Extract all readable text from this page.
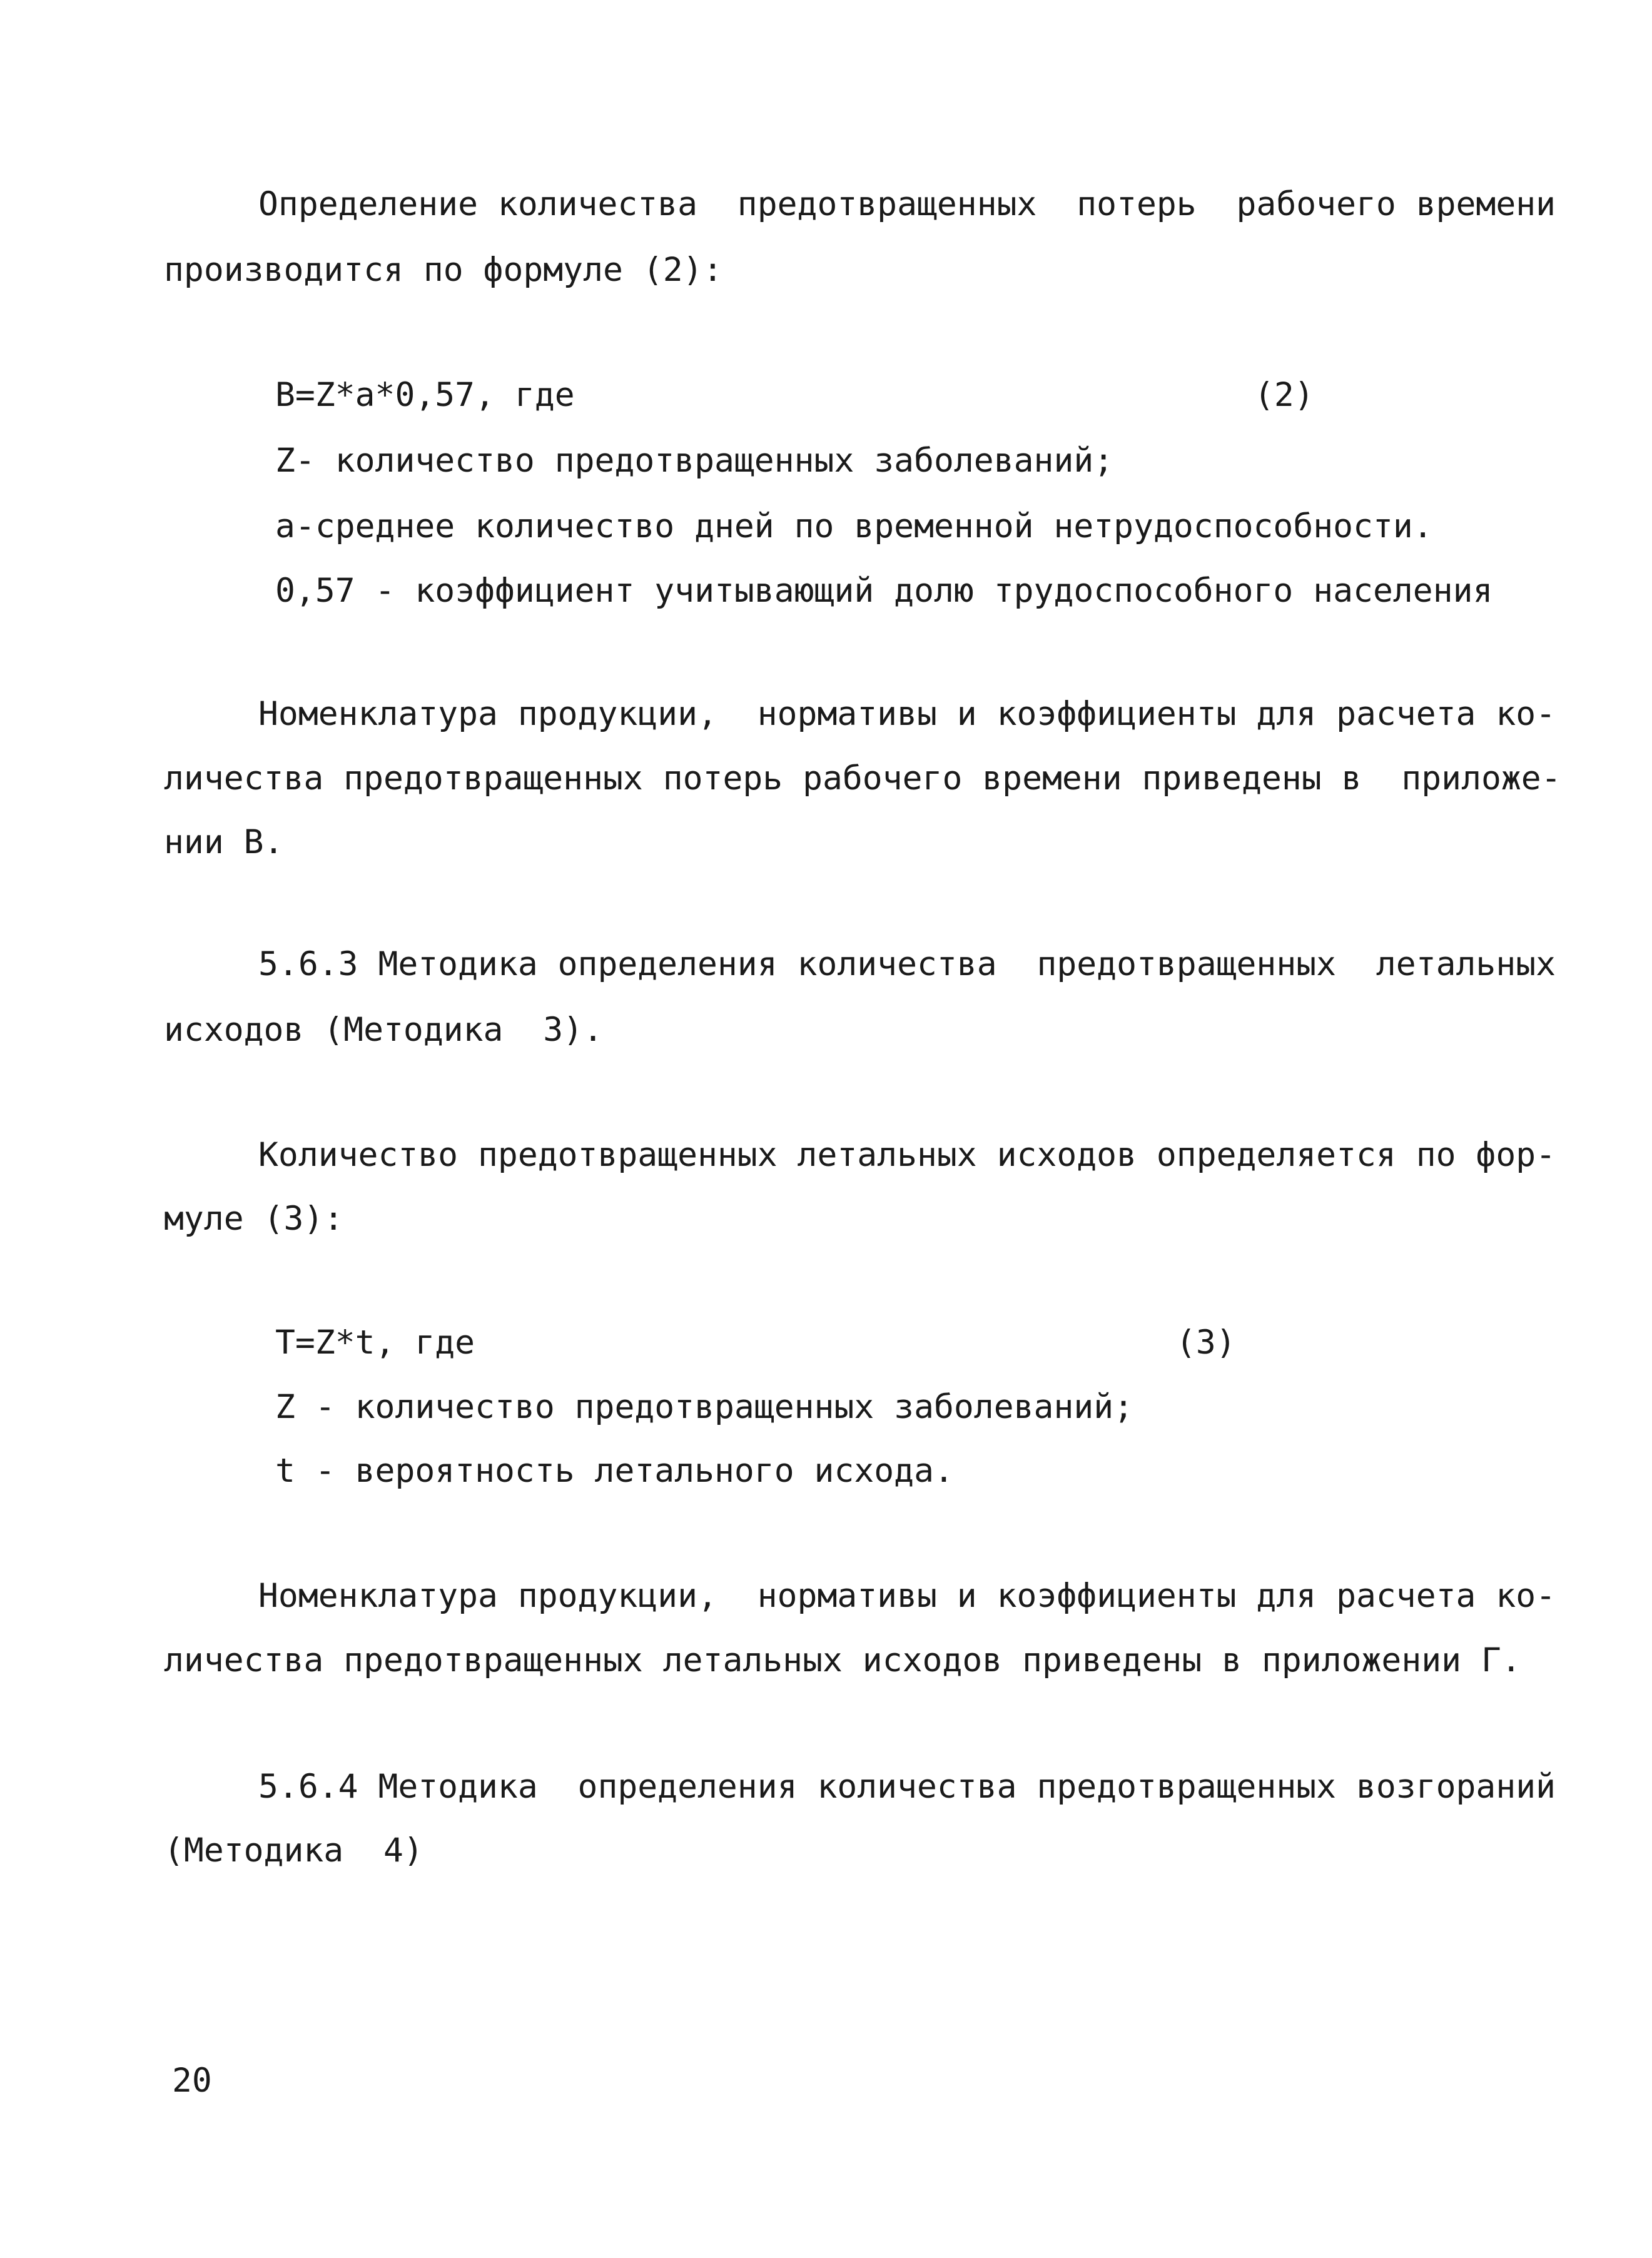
Определение количества  предотвращенных  потерь  рабочего времени
производится по формуле (2):
B=Z*a*0,57, где	(2)
Z- количество предотвращенных заболеваний;
а-среднее количество дней по временной нетрудоспособности.
0,57 - коэффициент учитывающий долю трудоспособного населения
Номенклатура продукции,  нормативы и коэффициенты для расчета ко-
личества предотвращенных потерь рабочего времени приведены в  приложе-
нии В.
5.6.3 Методика определения количества  предотвращенных  летальных
исходов (Методика  3).
Количество предотвращенных летальных исходов определяется по фор-
муле (3):
T=Z*t, где	(3)
Z - количество предотвращенных заболеваний;
t - вероятность летального исхода.
Номенклатура продукции,  нормативы и коэффициенты для расчета ко-
личества предотвращенных летальных исходов приведены в приложении Г.
5.6.4 Методика  определения количества предотвращенных возгораний
(Методика  4)
20
